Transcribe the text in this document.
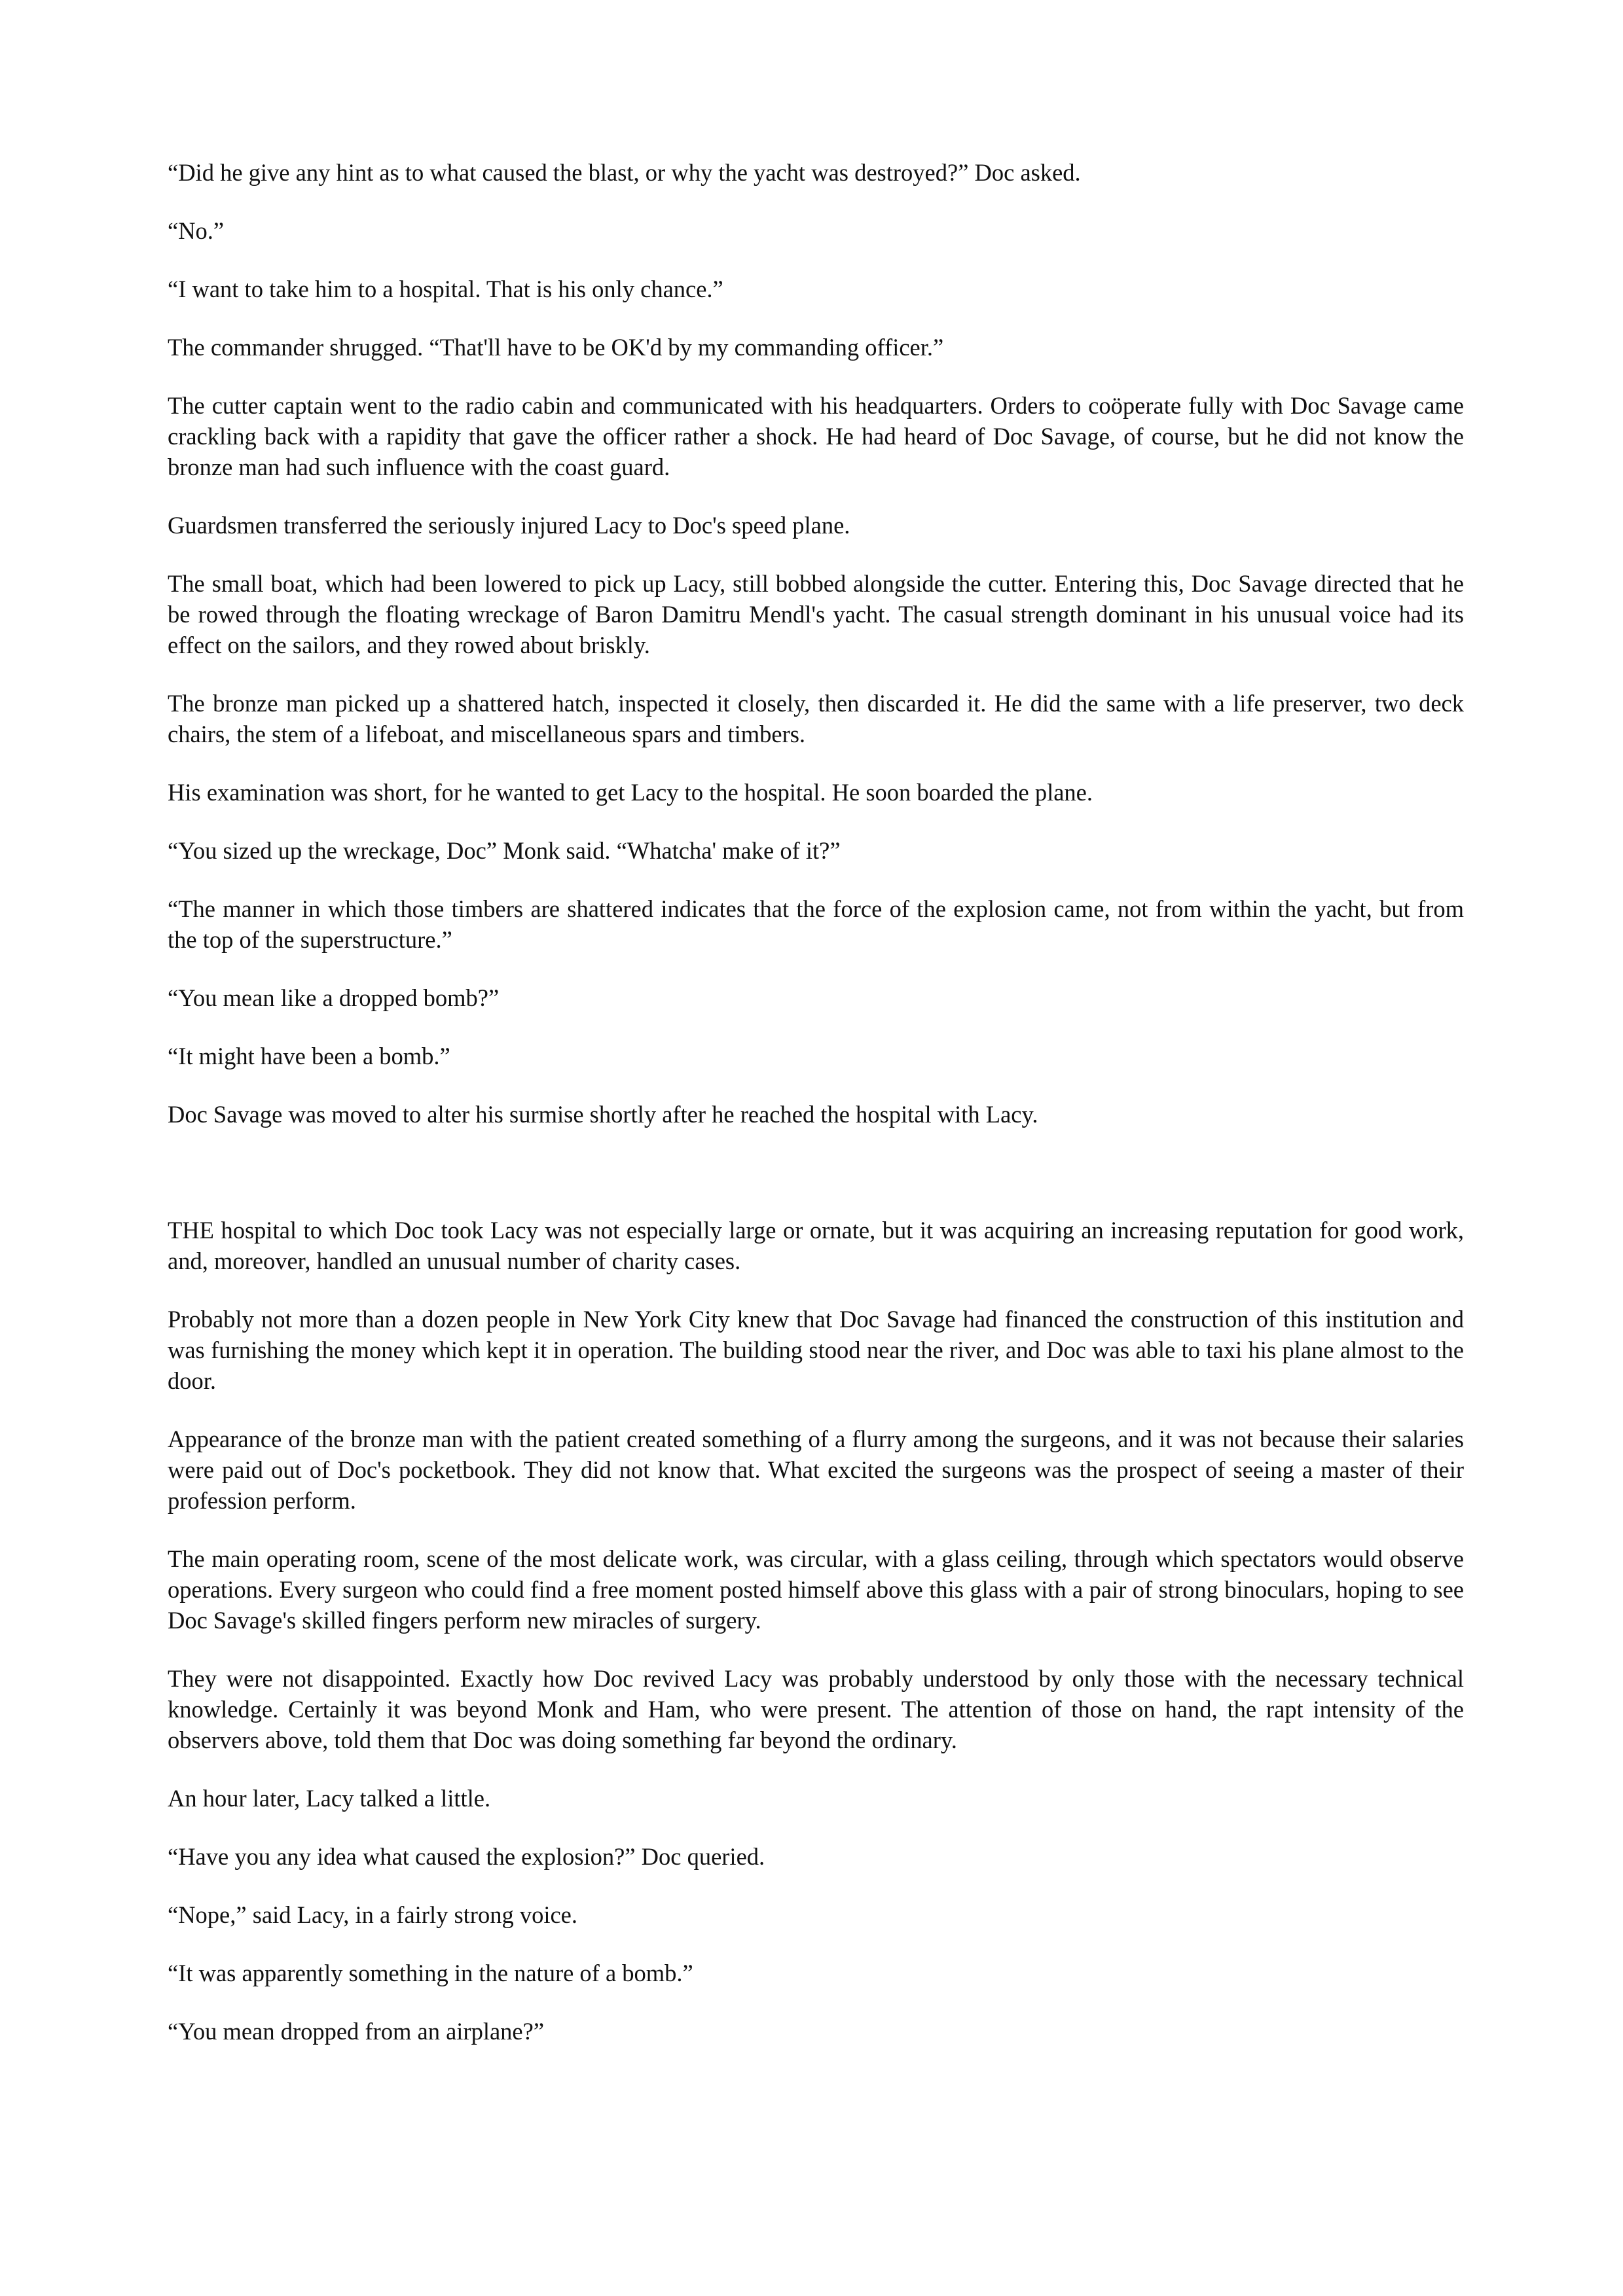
“Did he give any hint as to what caused the blast, or why the yacht was destroyed?” Doc asked.

“No.”

“I want to take him to a hospital. That is his only chance.”

The commander shrugged. “That'll have to be OK'd by my commanding officer.”

The cutter captain went to the radio cabin and communicated with his headquarters. Orders to coöperate fully with Doc Savage came crackling back with a rapidity that gave the officer rather a shock. He had heard of Doc Savage, of course, but he did not know the bronze man had such influence with the coast guard.

Guardsmen transferred the seriously injured Lacy to Doc's speed plane.

The small boat, which had been lowered to pick up Lacy, still bobbed alongside the cutter. Entering this, Doc Savage directed that he be rowed through the floating wreckage of Baron Damitru Mendl's yacht. The casual strength dominant in his unusual voice had its effect on the sailors, and they rowed about briskly.

The bronze man picked up a shattered hatch, inspected it closely, then discarded it. He did the same with a life preserver, two deck chairs, the stem of a lifeboat, and miscellaneous spars and timbers.

His examination was short, for he wanted to get Lacy to the hospital. He soon boarded the plane.

“You sized up the wreckage, Doc” Monk said. “Whatcha' make of it?”

“The manner in which those timbers are shattered indicates that the force of the explosion came, not from within the yacht, but from the top of the superstructure.”

“You mean like a dropped bomb?”

“It might have been a bomb.”

Doc Savage was moved to alter his surmise shortly after he reached the hospital with Lacy.

THE hospital to which Doc took Lacy was not especially large or ornate, but it was acquiring an increasing reputation for good work, and, moreover, handled an unusual number of charity cases.

Probably not more than a dozen people in New York City knew that Doc Savage had financed the construction of this institution and was furnishing the money which kept it in operation. The building stood near the river, and Doc was able to taxi his plane almost to the door.

Appearance of the bronze man with the patient created something of a flurry among the surgeons, and it was not because their salaries were paid out of Doc's pocketbook. They did not know that. What excited the surgeons was the prospect of seeing a master of their profession perform.

The main operating room, scene of the most delicate work, was circular, with a glass ceiling, through which spectators would observe operations. Every surgeon who could find a free moment posted himself above this glass with a pair of strong binoculars, hoping to see Doc Savage's skilled fingers perform new miracles of surgery.

They were not disappointed. Exactly how Doc revived Lacy was probably understood by only those with the necessary technical knowledge. Certainly it was beyond Monk and Ham, who were present. The attention of those on hand, the rapt intensity of the observers above, told them that Doc was doing something far beyond the ordinary.

An hour later, Lacy talked a little.

“Have you any idea what caused the explosion?” Doc queried.

“Nope,” said Lacy, in a fairly strong voice.

“It was apparently something in the nature of a bomb.”

“You mean dropped from an airplane?”
